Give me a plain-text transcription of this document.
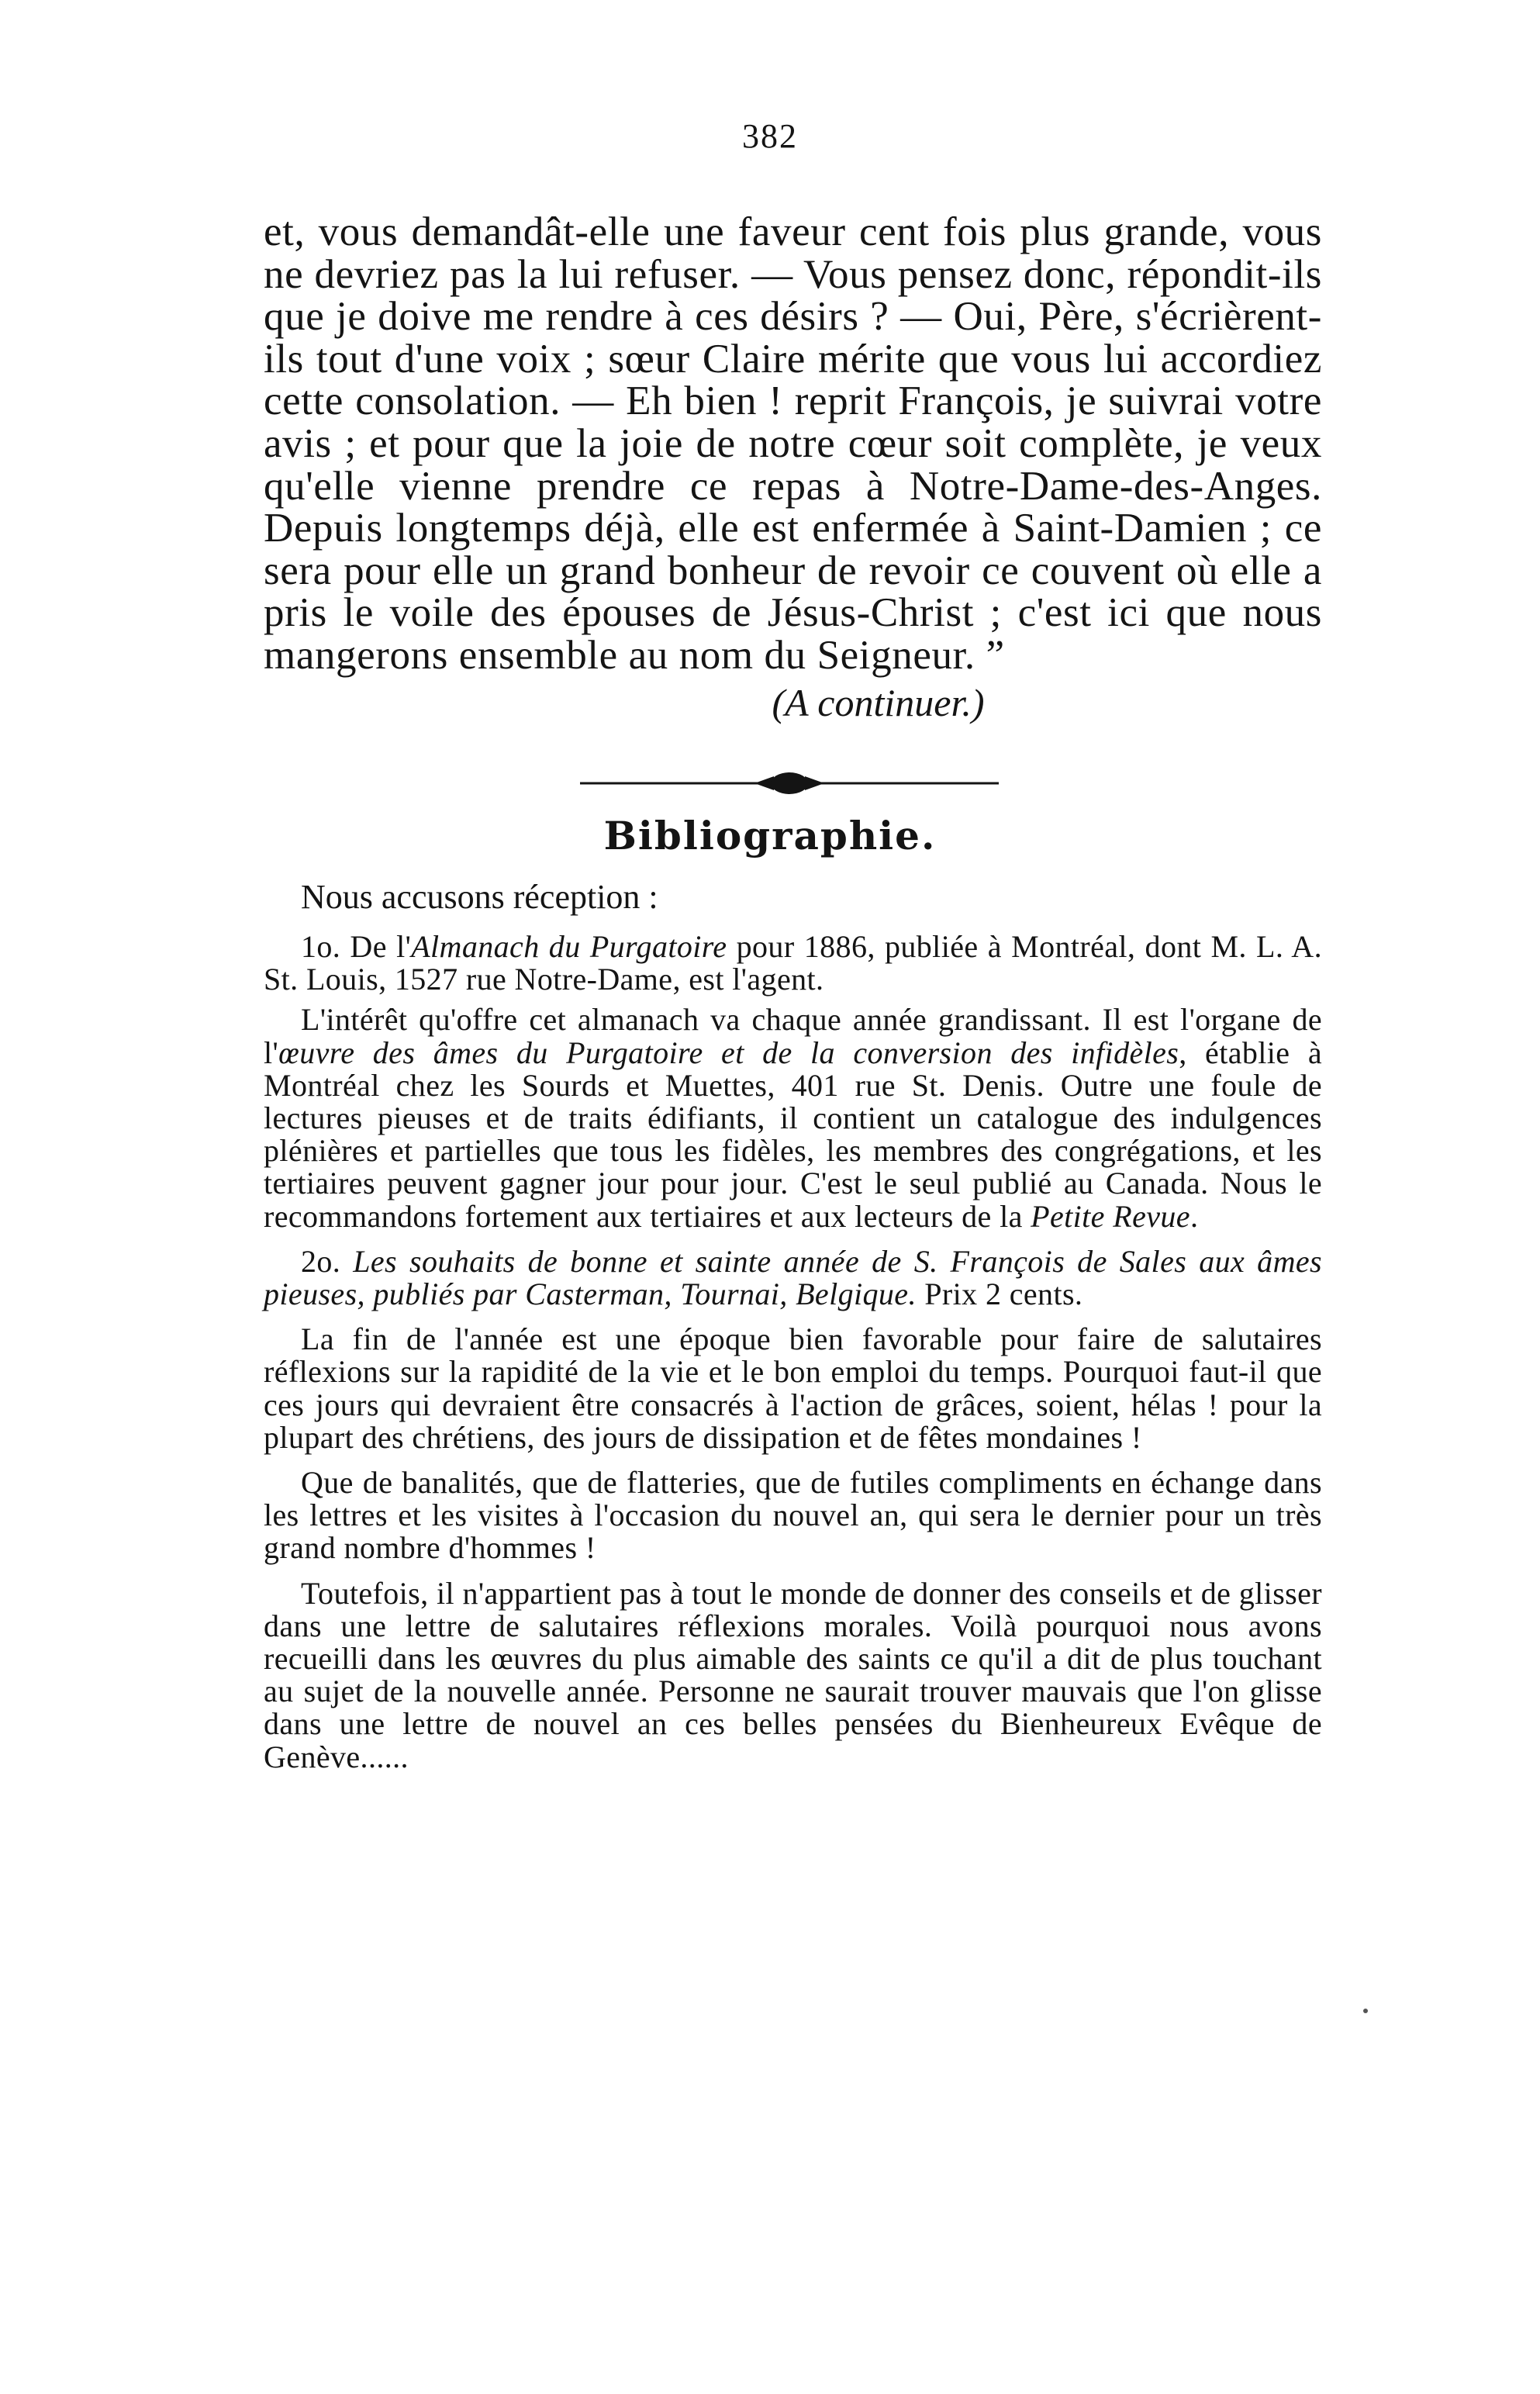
382

et, vous demandât-elle une faveur cent fois plus grande, vous ne devriez pas la lui refuser. — Vous pensez donc, répondit-ils que je doive me rendre à ces désirs ? — Oui, Père, s'écrièrent-ils tout d'une voix ; sœur Claire mérite que vous lui accordiez cette consolation. — Eh bien ! reprit François, je suivrai votre avis ; et pour que la joie de notre cœur soit complète, je veux qu'elle vienne prendre ce repas à Notre-Dame-des-Anges. Depuis longtemps déjà, elle est enfermée à Saint-Damien ; ce sera pour elle un grand bonheur de revoir ce couvent où elle a pris le voile des épouses de Jésus-Christ ; c'est ici que nous mangerons ensemble au nom du Seigneur. ”

(A continuer.)

Bibliographie.
Nous accusons réception :

1o. De l'Almanach du Purgatoire pour 1886, publiée à Montréal, dont M. L. A. St. Louis, 1527 rue Notre-Dame, est l'agent.

L'intérêt qu'offre cet almanach va chaque année grandissant. Il est l'organe de l'œuvre des âmes du Purgatoire et de la conversion des infidèles, établie à Montréal chez les Sourds et Muettes, 401 rue St. Denis. Outre une foule de lectures pieuses et de traits édifiants, il contient un catalogue des indulgences plénières et partielles que tous les fidèles, les membres des congrégations, et les tertiaires peuvent gagner jour pour jour. C'est le seul publié au Canada. Nous le recommandons fortement aux tertiaires et aux lecteurs de la Petite Revue.

2o. Les souhaits de bonne et sainte année de S. François de Sales aux âmes pieuses, publiés par Casterman, Tournai, Belgique. Prix 2 cents.

La fin de l'année est une époque bien favorable pour faire de salutaires réflexions sur la rapidité de la vie et le bon emploi du temps. Pourquoi faut-il que ces jours qui devraient être consacrés à l'action de grâces, soient, hélas ! pour la plupart des chrétiens, des jours de dissipation et de fêtes mondaines !

Que de banalités, que de flatteries, que de futiles compliments en échange dans les lettres et les visites à l'occasion du nouvel an, qui sera le dernier pour un très grand nombre d'hommes !

Toutefois, il n'appartient pas à tout le monde de donner des conseils et de glisser dans une lettre de salutaires réflexions morales. Voilà pourquoi nous avons recueilli dans les œuvres du plus aimable des saints ce qu'il a dit de plus touchant au sujet de la nouvelle année. Personne ne saurait trouver mauvais que l'on glisse dans une lettre de nouvel an ces belles pensées du Bienheureux Evêque de Genève......
